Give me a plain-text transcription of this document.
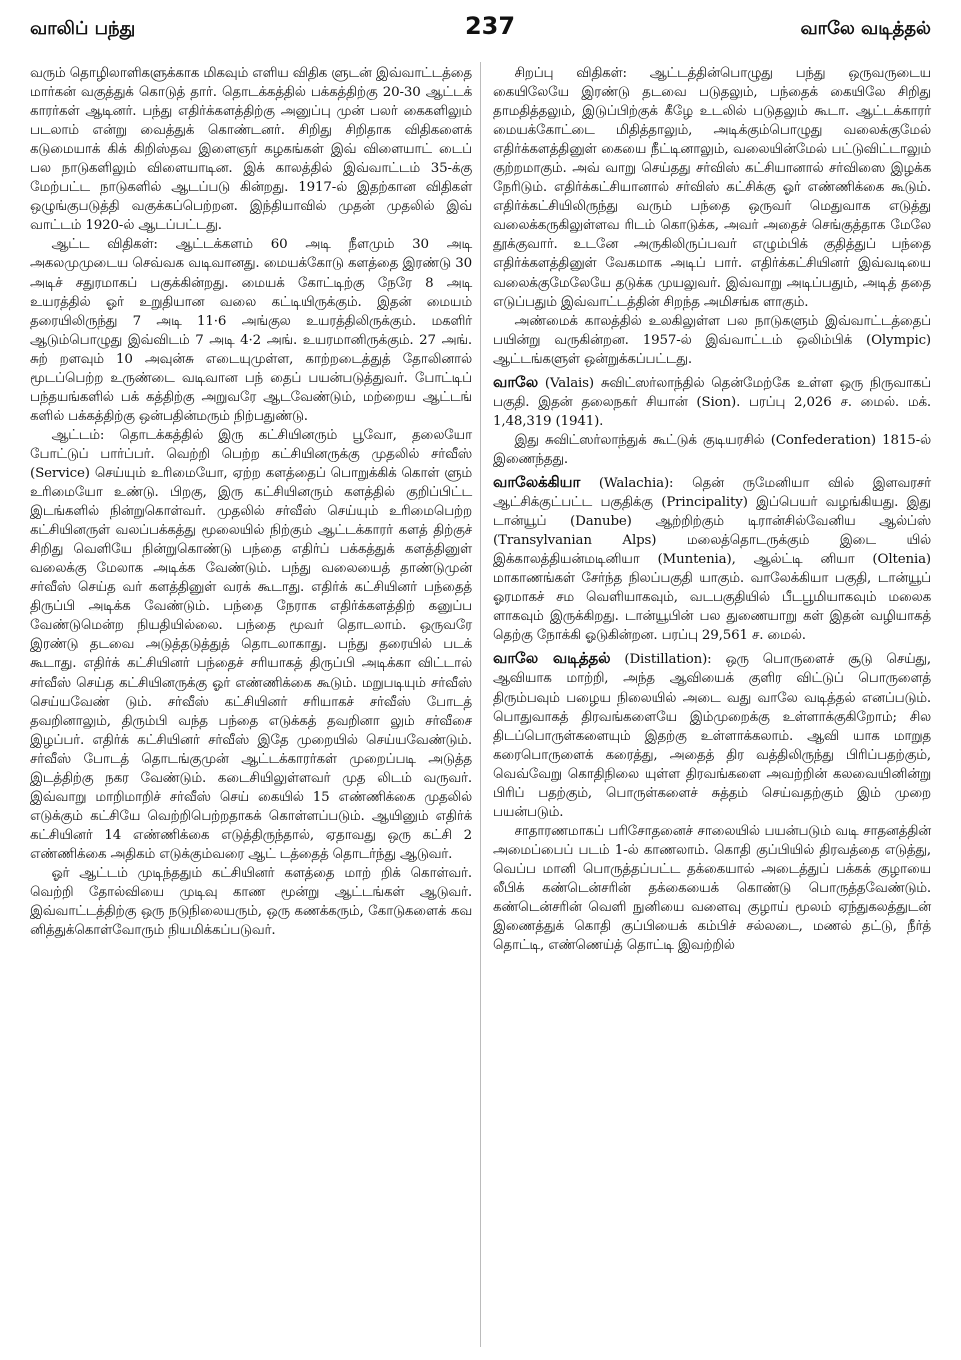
வாலிப் பந்து	237	வாலே வடித்தல்

வரும் தொழிலாளிகளுக்காக மிகவும் எளிய விதிக ளுடன் இவ்வாட்டத்தை மார்கன் வகுத்துக் கொடுத் தார். தொடக்கத்தில் பக்கத்திற்கு 20-30 ஆட்டக் காரர்கள் ஆடினர். பந்து எதிர்க்களத்திற்கு அனுப்பு முன் பலர் கைகளிலும் படலாம் என்று வைத்துக் கொண்டனர். சிறிது சிறிதாக விதிகளைக் கடுமையாக் கிக் கிறிஸ்தவ இளைஞர் கழகங்கள் இவ் விளையாட் டைப் பல நாடுகளிலும் விளையாடின. இக் காலத்தில் இவ்வாட்டம் 35-க்கு மேற்பட்ட நாடுகளில் ஆடப்படு கின்றது. 1917-ல் இதற்கான விதிகள் ஒழுங்குபடுத்தி வகுக்கப்பெற்றன. இந்தியாவில் முதன் முதலில் இவ் வாட்டம் 1920-ல் ஆடப்பட்டது.

ஆட்ட விதிகள்: ஆட்டக்களம் 60 அடி நீளமும் 30 அடி அகலமுமுடைய செவ்வக வடிவானது. மையக்கோடு களத்தை இரண்டு 30 அடிச் சதுரமாகப் பகுக்கின்றது. மையக் கோட்டிற்கு நேரே 8 அடி உயரத்தில் ஓர் உறுதியான வலை கட்டியிருக்கும். இதன் மையம் தரையிலிருந்து 7 அடி 11·6 அங்குல உயரத்திலிருக்கும். மகளிர் ஆடும்பொழுது இவ்விடம் 7 அடி 4·2 அங். உயரமானிருக்கும். 27 அங். சுற் றளவும் 10 அவுன்சு எடையுமுள்ள, காற்றடைத்துத் தோலினால் மூடப்பெற்ற உருண்டை வடிவான பந் தைப் பயன்படுத்துவர். போட்டிப் பந்தயங்களில் பக் கத்திற்கு அறுவரே ஆடவேண்டும், மற்றைய ஆட்டங் களில் பக்கத்திற்கு ஒன்பதின்மரும் நிற்பதுண்டு.

ஆட்டம்: தொடக்கத்தில் இரு கட்சியினரும் பூவோ, தலையோ போட்டுப் பார்ப்பர். வெற்றி பெற்ற கட்சியினருக்கு முதலில் சர்வீஸ் (Service) செய்யும் உரிமையோ, ஏற்ற களத்தைப் பொறுக்கிக் கொள் ளும் உரிமையோ உண்டு. பிறகு, இரு கட்சியினரும் களத்தில் குறிப்பிட்ட இடங்களில் நின்றுகொள்வர். முதலில் சர்வீஸ் செய்யும் உரிமைபெற்ற கட்சியினருள் வலப்பக்கத்து மூலையில் நிற்கும் ஆட்டக்காரர் களத் திற்குச் சிறிது வெளியே நின்றுகொண்டு பந்தை எதிர்ப் பக்கத்துக் களத்தினுள் வலைக்கு மேலாக அடிக்க வேண்டும். பந்து வலையைத் தாண்டுமுன் சர்வீஸ் செய்த வர் களத்தினுள் வரக் கூடாது. எதிர்க் கட்சியினர் பந்தைத் திருப்பி அடிக்க வேண்டும். பந்தை நேராக எதிர்க்களத்திற் கனுப்ப வேண்டுமென்ற நியதியில்லை. பந்தை மூவர் தொடலாம். ஒருவரே இரண்டு தடவை அடுத்தடுத்துத் தொடலாகாது. பந்து தரையில் படக் கூடாது. எதிர்க் கட்சியினர் பந்தைச் சரியாகத் திருப்பி அடிக்கா விட்டால் சர்வீஸ் செய்த கட்சியினருக்கு ஓர் எண்ணிக்கை கூடும். மறுபடியும் சர்வீஸ் செய்யவேண் டும். சர்வீஸ் கட்சியினர் சரியாகச் சர்வீஸ் போடத் தவறினாலும், திரும்பி வந்த பந்தை எடுக்கத் தவறினா லும் சர்வீசை இழப்பர். எதிர்க் கட்சியினர் சர்வீஸ் இதே முறையில் செய்யவேண்டும். சர்வீஸ் போடத் தொடங்குமுன் ஆட்டக்காரர்கள் முறைப்படி அடுத்த இடத்திற்கு நகர வேண்டும். கடைசியிலுள்ளவர் முத லிடம் வருவர். இவ்வாறு மாறிமாறிச் சர்வீஸ் செய் கையில் 15 எண்ணிக்கை முதலில் எடுக்கும் கட்சியே வெற்றிபெற்றதாகக் கொள்ளப்படும். ஆயினும் எதிர்க் கட்சியினர் 14 எண்ணிக்கை எடுத்திருந்தால், ஏதாவது ஒரு கட்சி 2 எண்ணிக்கை அதிகம் எடுக்கும்வரை ஆட் டத்தைத் தொடர்ந்து ஆடுவர்.

ஓர் ஆட்டம் முடிந்ததும் கட்சியினர் களத்தை மாற் றிக் கொள்வர். வெற்றி தோல்வியை முடிவு காண மூன்று ஆட்டங்கள் ஆடுவர். இவ்வாட்டத்திற்கு ஒரு நடுநிலையரும், ஒரு கணக்கரும், கோடுகளைக் கவ னித்துக்கொள்வோரும் நியமிக்கப்படுவர்.

சிறப்பு விதிகள்: ஆட்டத்தின்பொழுது பந்து ஒருவருடைய கையிலேயே இரண்டு தடவை படுதலும், பந்தைக் கையிலே சிறிது தாமதித்தலும், இடுப்பிற்குக் கீழே உடலில் படுதலும் கூடா. ஆட்டக்காரர் மையக்கோட்டை மிதித்தாலும், அடிக்கும்பொழுது வலைக்குமேல் எதிர்க்களத்தினுள் கையை நீட்டினாலும், வலையின்மேல் பட்டுவிட்டாலும் குற்றமாகும். அவ் வாறு செய்தது சர்விஸ் கட்சியானால் சர்விஸை இழக்க நேரிடும். எதிர்க்கட்சியானால் சர்விஸ் கட்சிக்கு ஓர் எண்ணிக்கை கூடும். எதிர்க்கட்சியிலிருந்து வரும் பந்தை ஒருவர் மெதுவாக எடுத்து வலைக்கருகிலுள்ளவ ரிடம் கொடுக்க, அவர் அதைச் செங்குத்தாக மேலே தூக்குவார். உடனே அருகிலிருப்பவர் எழும்பிக் குதித்துப் பந்தை எதிர்க்களத்தினுள் வேகமாக அடிப் பார். எதிர்க்கட்சியினர் இவ்வடியை வலைக்குமேலேயே தடுக்க முயலுவர். இவ்வாறு அடிப்பதும், அடித் ததை எடுப்பதும் இவ்வாட்டத்தின் சிறந்த அமிசங்க ளாகும்.

அண்மைக் காலத்தில் உலகிலுள்ள பல நாடுகளும் இவ்வாட்டத்தைப் பயின்று வருகின்றன. 1957-ல் இவ்வாட்டம் ஒலிம்பிக் (Olympic) ஆட்டங்களுள் ஒன்றுக்கப்பட்டது.

வாலே (Valais) சுவிட்ஸர்லாந்தில் தென்மேற்கே உள்ள ஒரு நிருவாகப் பகுதி. இதன் தலைநகர் சியான் (Sion). பரப்பு 2,026 ச. மைல். மக். 1,48,319 (1941).

இது சுவிட்ஸர்லாந்துக் கூட்டுக் குடியரசில் (Confederation) 1815-ல் இணைந்தது.

வாலேக்கியா (Walachia): தென் ருமேனியா வில் இளவரசர் ஆட்சிக்குட்பட்ட பகுதிக்கு (Principality) இப்பெயர் வழங்கியது. இது டான்யூப் (Danube) ஆற்றிற்கும் டிரான்சில்வேனிய ஆல்ப்ஸ் (Transylvanian Alps) மலைத்தொடருக்கும் இடை யில் இக்காலத்தியன்மடினியா (Muntenia), ஆல்ட்டி னியா (Oltenia) மாகாணங்கள் சேர்ந்த நிலப்பகுதி யாகும். வாலேக்கியா பகுதி, டான்யூப் ஓரமாகச் சம வெளியாகவும், வடபகுதியில் பீடபூமியாகவும் மலைக ளாகவும் இருக்கிறது. டான்யூபின் பல துணையாறு கள் இதன் வழியாகத் தெற்கு நோக்கி ஓடுகின்றன. பரப்பு 29,561 ச. மைல்.

வாலே வடித்தல் (Distillation): ஒரு பொருளைச் சூடு செய்து, ஆவியாக மாற்றி, அந்த ஆவியைக் குளிர விட்டுப் பொருளைத் திரும்பவும் பழைய நிலையில் அடை வது வாலே வடித்தல் எனப்படும். பொதுவாகத் திரவங்களையே இம்முறைக்கு உள்ளாக்குகிறோம்; சில திடப்பொருள்களையும் இதற்கு உள்ளாக்கலாம். ஆவி யாக மாறுத கரைபொருளைக் கரைத்து, அதைத் திர வத்திலிருந்து பிரிப்பதற்கும், வெவ்வேறு கொதிநிலை யுள்ள திரவங்களை அவற்றின் கலவையினின்று பிரிப் பதற்கும், பொருள்களைச் சுத்தம் செய்வதற்கும் இம் முறை பயன்படும்.

சாதாரணமாகப் பரிசோதனைச் சாலையில் பயன்படும் வடி சாதனத்தின் அமைப்பைப் படம் 1-ல் காணலாம். கொதி குப்பியில் திரவத்தை எடுத்து, வெப்ப மானி பொருத்தப்பட்ட தக்கையால் அடைத்துப் பக்கக் குழாயை லீபிக் கண்டென்சரின் தக்கையைக் கொண்டு பொருத்தவேண்டும். கண்டென்சரின் வெளி நுனியை வளைவு குழாய் மூலம் ஏந்துகலத்துடன் இணைத்துக் கொதி குப்பியைக் கம்பிச் சல்லடை, மணல் தட்டு, நீர்த் தொட்டி, எண்ணெய்த் தொட்டி இவற்றில்
